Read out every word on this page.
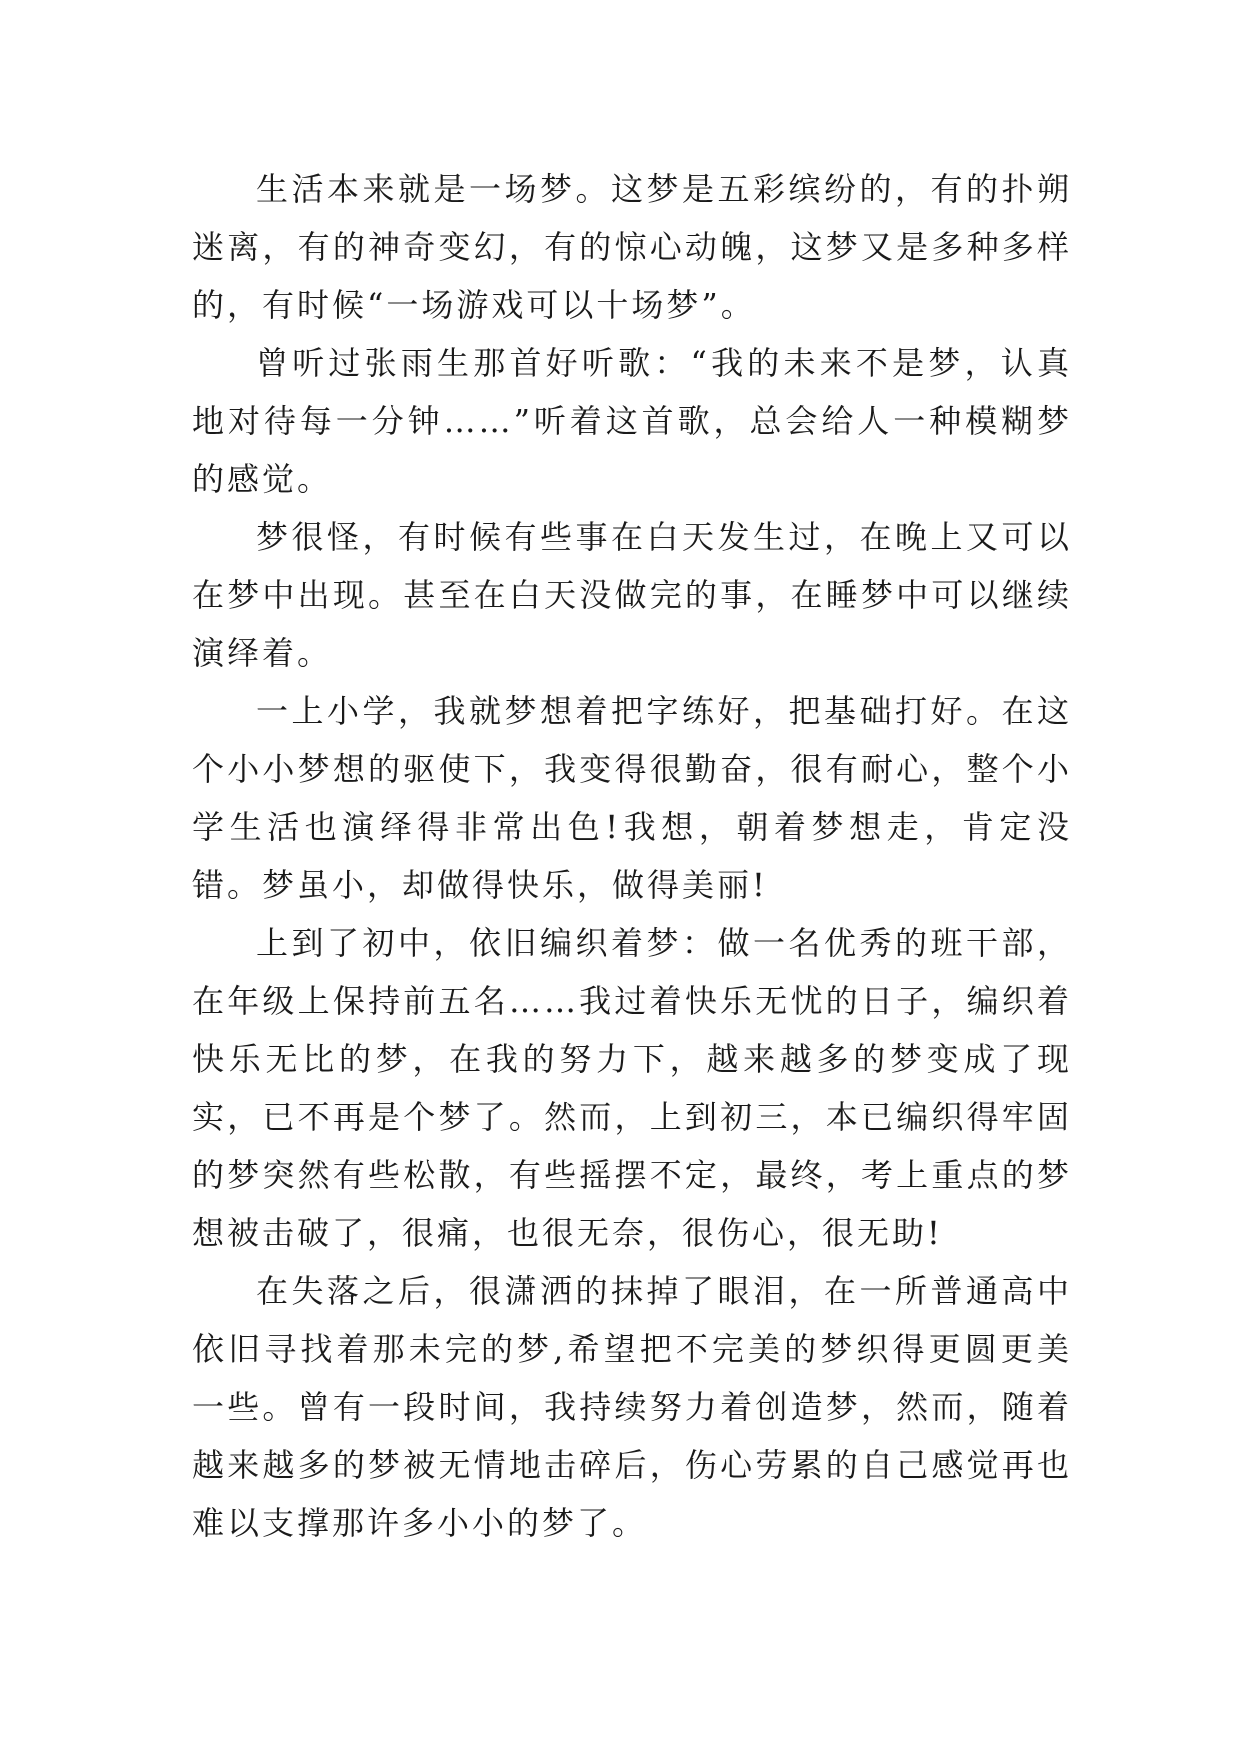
生活本来就是一场梦。这梦是五彩缤纷的，有的扑朔迷离，有的神奇变幻，有的惊心动魄，这梦又是多种多样的，有时候“一场游戏可以十场梦”。

曾听过张雨生那首好听歌：“我的未来不是梦，认真地对待每一分钟……”听着这首歌，总会给人一种模糊梦的感觉。

梦很怪，有时候有些事在白天发生过，在晚上又可以在梦中出现。甚至在白天没做完的事，在睡梦中可以继续演绎着。

一上小学，我就梦想着把字练好，把基础打好。在这个小小梦想的驱使下，我变得很勤奋，很有耐心，整个小学生活也演绎得非常出色!我想，朝着梦想走，肯定没错。梦虽小，却做得快乐，做得美丽!

上到了初中，依旧编织着梦：做一名优秀的班干部，在年级上保持前五名……我过着快乐无忧的日子，编织着快乐无比的梦，在我的努力下，越来越多的梦变成了现实，已不再是个梦了。然而，上到初三，本已编织得牢固的梦突然有些松散，有些摇摆不定，最终，考上重点的梦想被击破了，很痛，也很无奈，很伤心，很无助!

在失落之后，很潇洒的抹掉了眼泪，在一所普通高中依旧寻找着那未完的梦,希望把不完美的梦织得更圆更美一些。曾有一段时间，我持续努力着创造梦，然而，随着越来越多的梦被无情地击碎后，伤心劳累的自己感觉再也难以支撑那许多小小的梦了。
